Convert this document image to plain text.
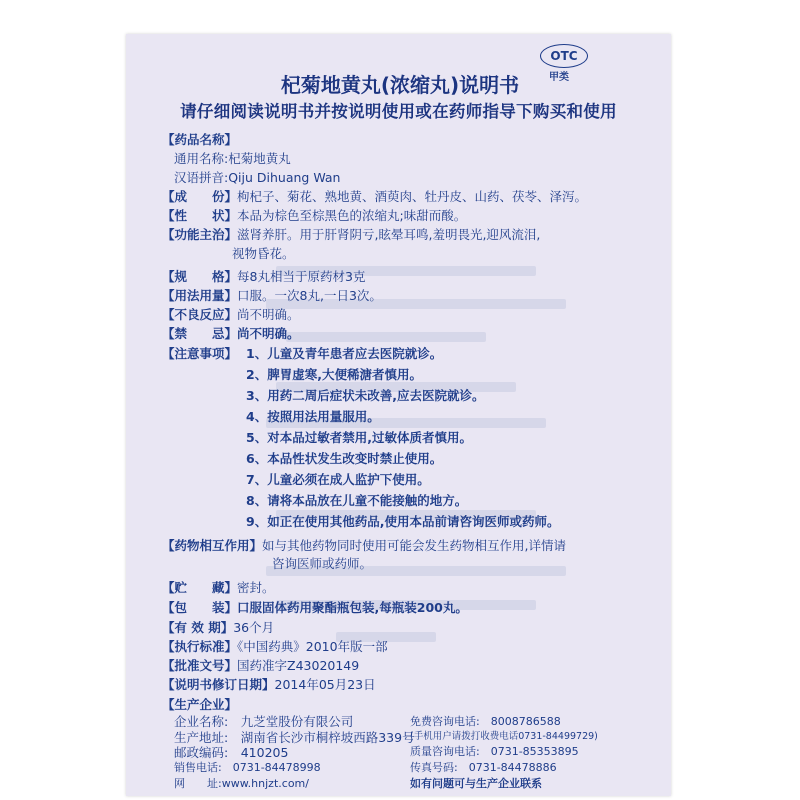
OTC
甲类
杞菊地黄丸(浓缩丸)说明书
请仔细阅读说明书并按说明使用或在药师指导下购买和使用
【药品名称】
通用名称:杞菊地黄丸
汉语拼音:Qiju Dihuang Wan
【成　　份】枸杞子、菊花、熟地黄、酒萸肉、牡丹皮、山药、茯苓、泽泻。
【性　　状】本品为棕色至棕黑色的浓缩丸;味甜而酸。
【功能主治】滋肾养肝。用于肝肾阴亏,眩晕耳鸣,羞明畏光,迎风流泪,
视物昏花。
【规　　格】每8丸相当于原药材3克
【用法用量】口服。一次8丸,一日3次。
【不良反应】尚不明确。
【禁　　忌】尚不明确。
【注意事项】 1、儿童及青年患者应去医院就诊。
2、脾胃虚寒,大便稀溏者慎用。
3、用药二周后症状未改善,应去医院就诊。
4、按照用法用量服用。
5、对本品过敏者禁用,过敏体质者慎用。
6、本品性状发生改变时禁止使用。
7、儿童必须在成人监护下使用。
8、请将本品放在儿童不能接触的地方。
9、如正在使用其他药品,使用本品前请咨询医师或药师。
【药物相互作用】如与其他药物同时使用可能会发生药物相互作用,详情请
咨询医师或药师。
【贮　　藏】密封。
【包　　装】口服固体药用聚酯瓶包装,每瓶装200丸。
【有 效 期】36个月
【执行标准】《中国药典》2010年版一部
【批准文号】国药准字Z43020149
【说明书修订日期】2014年05月23日
【生产企业】
企业名称:　九芝堂股份有限公司
生产地址:　湖南省长沙市桐梓坡西路339号
邮政编码:　410205
免费咨询电话:　8008786588
(手机用户请拨打收费电话0731-84499729)
质量咨询电话:　0731-85353895
销售电话:　0731-84478998	传真号码:　0731-84478886
网　　址:www.hnjzt.com/	如有问题可与生产企业联系
